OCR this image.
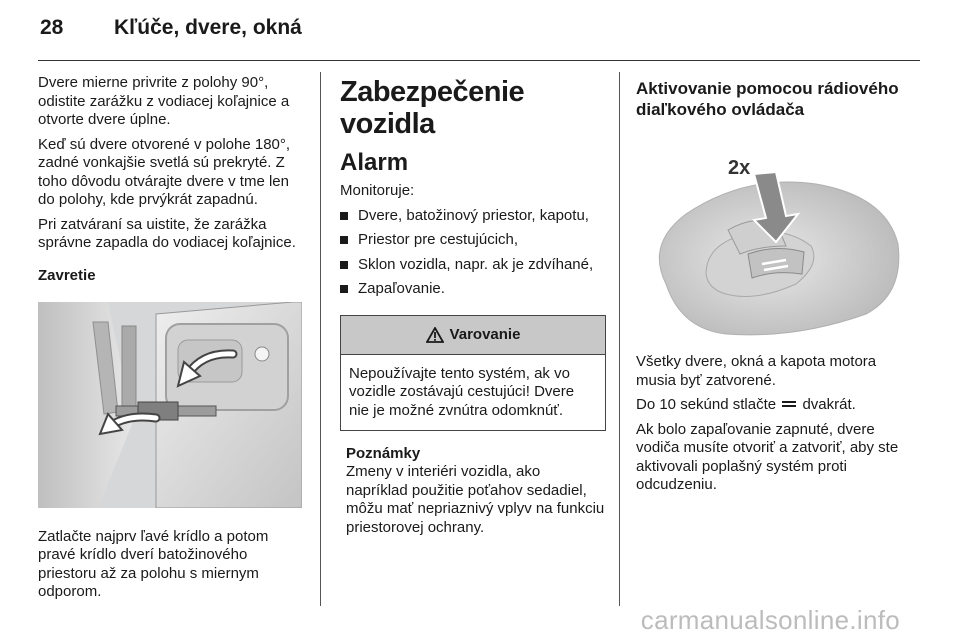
28 Kľúče, dvere, okná

Dvere mierne privrite z polohy 90°, odistite zarážku z vodiacej koľajnice a otvorte dvere úplne.

Keď sú dvere otvorené v polohe 180°, zadné vonkajšie svetlá sú prekryté. Z toho dôvodu otvárajte dvere v tme len do polohy, kde prvýkrát zapadnú.

Pri zatváraní sa uistite, že zarážka správne zapadla do vodiacej koľajnice.

Zavretie

Zatlačte najprv ľavé krídlo a potom pravé krídlo dverí batožinového priestoru až za polohu s miernym odporom.

Zabezpečenie vozidla
Alarm

Monitoruje:

Dvere, batožinový priestor, kapotu,
Priestor pre cestujúcich,
Sklon vozidla, napr. ak je zdvíhané,
Zapaľovanie.
Varovanie

Nepoužívajte tento systém, ak vo vozidle zostávajú cestujúci! Dvere nie je možné zvnútra odomknúť.

Poznámky

Zmeny v interiéri vozidla, ako napríklad použitie poťahov sedadiel, môžu mať nepriaznivý vplyv na funkciu priestorovej ochrany.

Aktivovanie pomocou rádiového diaľkového ovládača
2x

Všetky dvere, okná a kapota motora musia byť zatvorené.

Do 10 sekúnd stlačte dvakrát.

Ak bolo zapaľovanie zapnuté, dvere vodiča musíte otvoriť a zatvoriť, aby ste aktivovali poplašný systém proti odcudzeniu.

carmanualsonline.info
